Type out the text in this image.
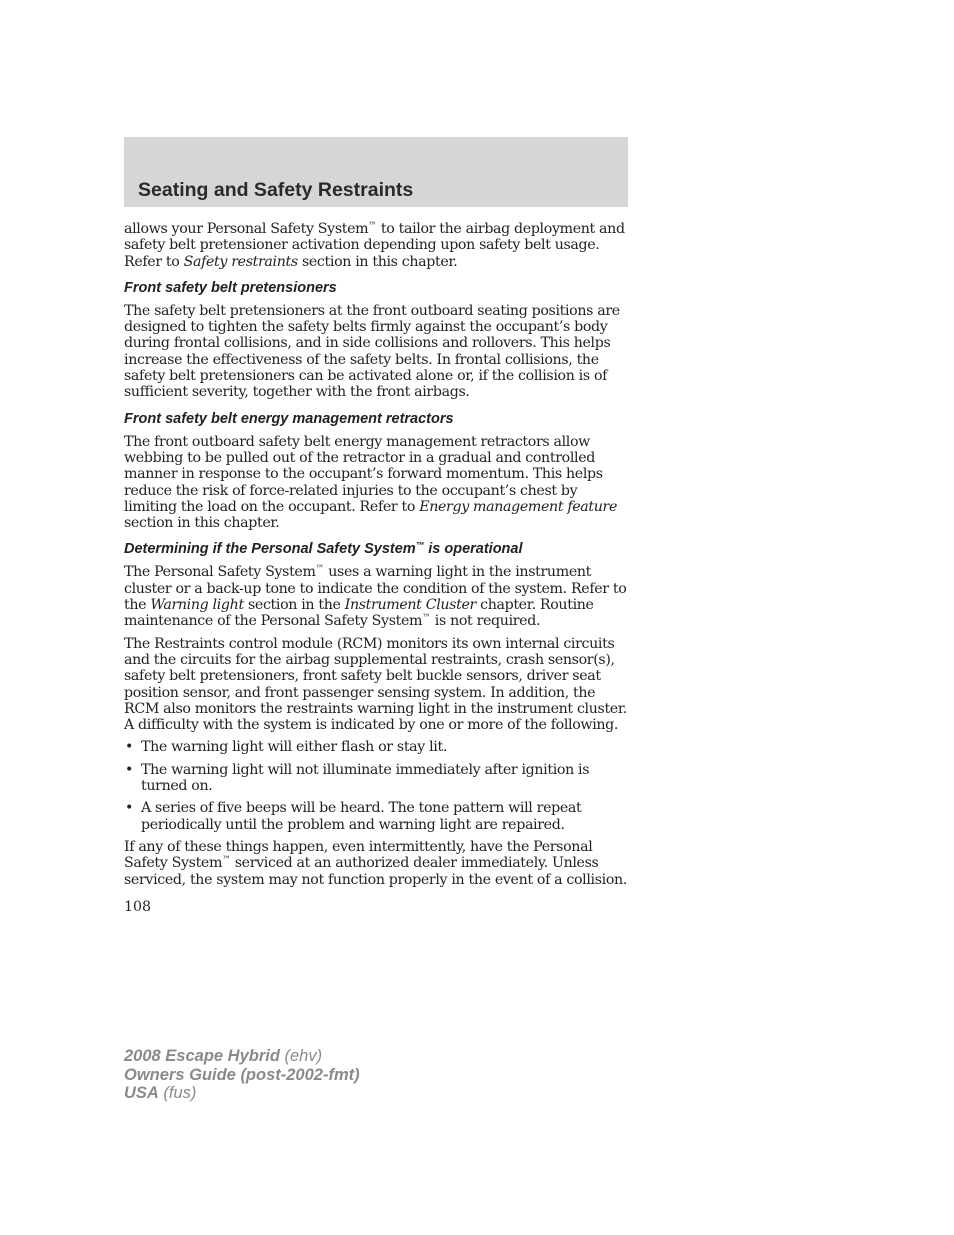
Seating and Safety Restraints

allows your Personal Safety System™ to tailor the airbag deployment and safety belt pretensioner activation depending upon safety belt usage. Refer to Safety restraints section in this chapter.

Front safety belt pretensioners

The safety belt pretensioners at the front outboard seating positions are designed to tighten the safety belts firmly against the occupant’s body during frontal collisions, and in side collisions and rollovers. This helps increase the effectiveness of the safety belts. In frontal collisions, the safety belt pretensioners can be activated alone or, if the collision is of sufficient severity, together with the front airbags.

Front safety belt energy management retractors

The front outboard safety belt energy management retractors allow webbing to be pulled out of the retractor in a gradual and controlled manner in response to the occupant’s forward momentum. This helps reduce the risk of force-related injuries to the occupant’s chest by limiting the load on the occupant. Refer to Energy management feature section in this chapter.

Determining if the Personal Safety System™ is operational

The Personal Safety System™ uses a warning light in the instrument cluster or a back-up tone to indicate the condition of the system. Refer to the Warning light section in the Instrument Cluster chapter. Routine maintenance of the Personal Safety System™ is not required.

The Restraints control module (RCM) monitors its own internal circuits and the circuits for the airbag supplemental restraints, crash sensor(s), safety belt pretensioners, front safety belt buckle sensors, driver seat position sensor, and front passenger sensing system. In addition, the RCM also monitors the restraints warning light in the instrument cluster. A difficulty with the system is indicated by one or more of the following.

• The warning light will either flash or stay lit.
• The warning light will not illuminate immediately after ignition is turned on.
• A series of five beeps will be heard. The tone pattern will repeat periodically until the problem and warning light are repaired.

If any of these things happen, even intermittently, have the Personal Safety System™ serviced at an authorized dealer immediately. Unless serviced, the system may not function properly in the event of a collision.

108
2008 Escape Hybrid (ehv)
Owners Guide (post-2002-fmt)
USA (fus)
